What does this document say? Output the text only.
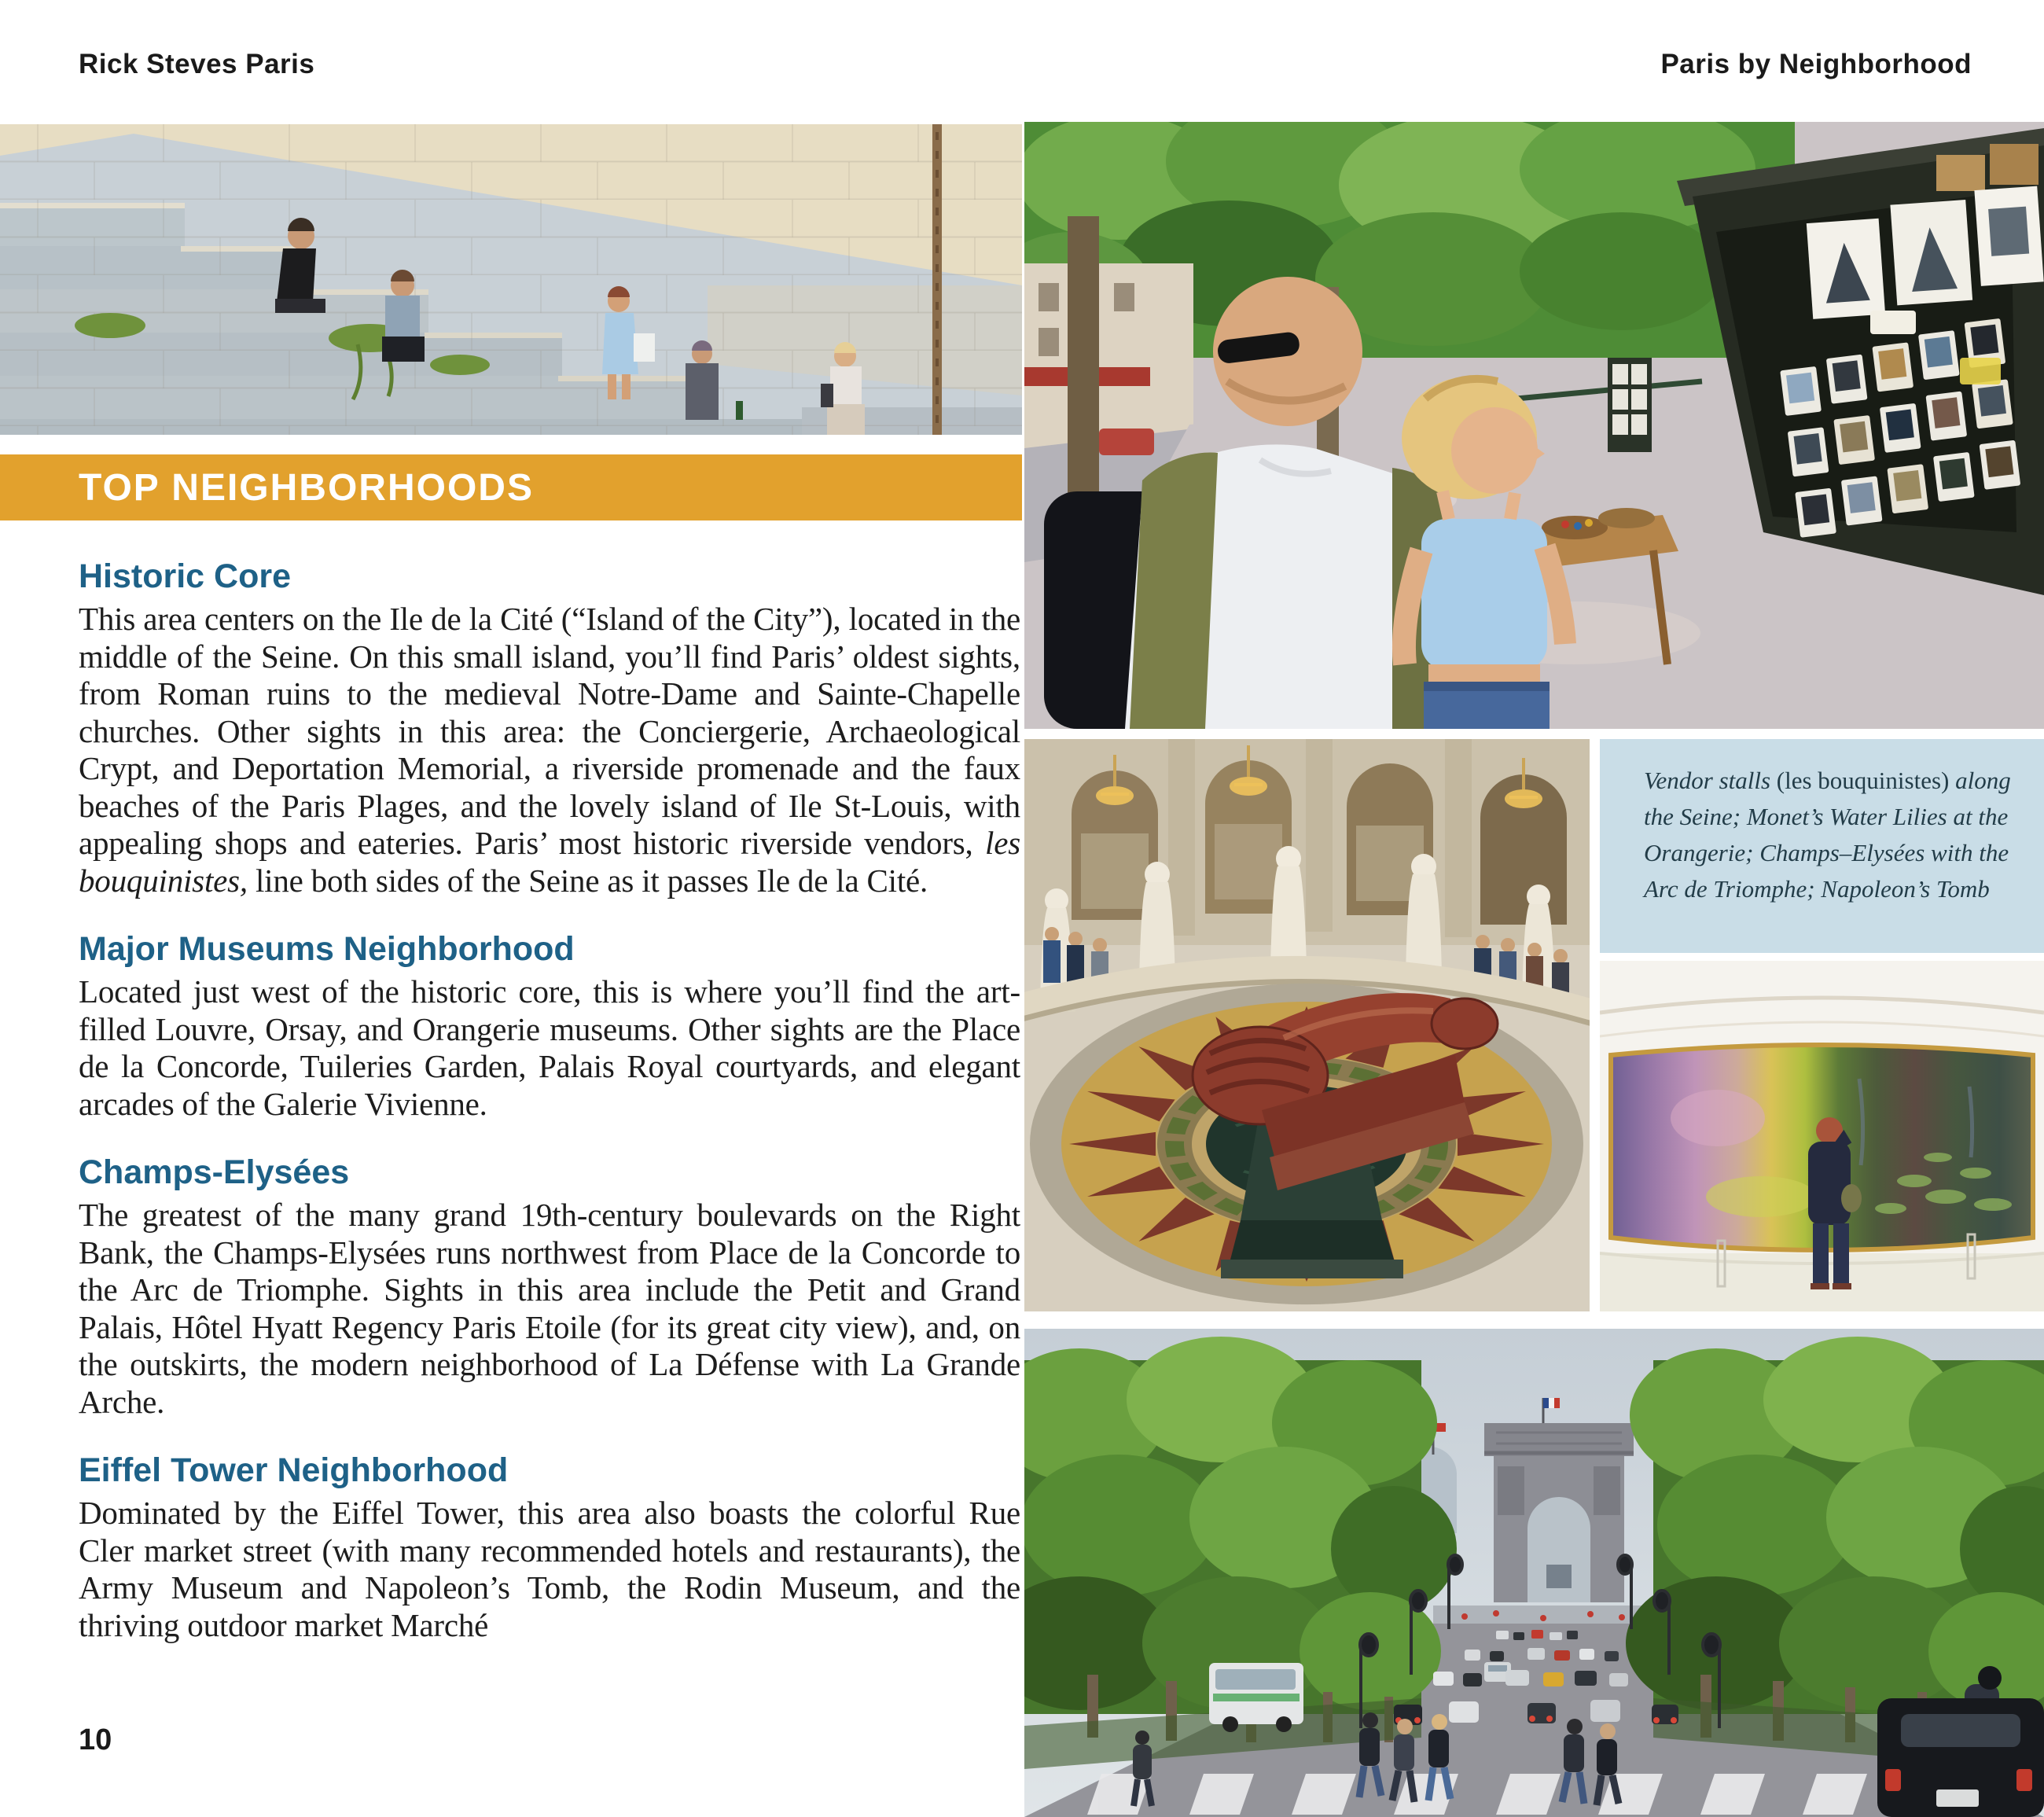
Rick Steves Paris	Paris by Neighborhood
TOP NEIGHBORHOODS
Historic Core

This area centers on the Ile de la Cité (“Island of the City”), located in the middle of the Seine. On this small island, you’ll find Paris’ oldest sights, from Roman ruins to the medieval Notre-Dame and Sainte-Chapelle churches. Other sights in this area: the Conciergerie, Archaeological Crypt, and Deportation Memorial, a riverside promenade and the faux beaches of the Paris Plages, and the lovely island of Ile St-Louis, with appealing shops and eateries. Paris’ most historic riverside vendors, les bouquinistes, line both sides of the Seine as it passes Ile de la Cité.

Major Museums Neighborhood

Located just west of the historic core, this is where you’ll find the art-filled Louvre, Orsay, and Orangerie museums. Other sights are the Place de la Concorde, Tuileries Garden, Palais Royal courtyards, and elegant arcades of the Galerie Vivienne.

Champs-Elysées

The greatest of the many grand 19th-century boulevards on the Right Bank, the Champs-Elysées runs northwest from Place de la Concorde to the Arc de Triomphe. Sights in this area include the Petit and Grand Palais, Hôtel Hyatt Regency Paris Etoile (for its great city view), and, on the outskirts, the modern neighborhood of La Défense with La Grande Arche.

Eiffel Tower Neighborhood

Dominated by the Eiffel Tower, this area also boasts the colorful Rue Cler market street (with many recommended hotels and restaurants), the Army Museum and Napoleon’s Tomb, the Rodin Museum, and the thriving outdoor market Marché

10
Vendor stalls (les bouquinistes) along the Seine; Monet’s Water Lilies at the Orangerie; Champs–Elysées with the Arc de Triomphe; Napoleon’s Tomb
